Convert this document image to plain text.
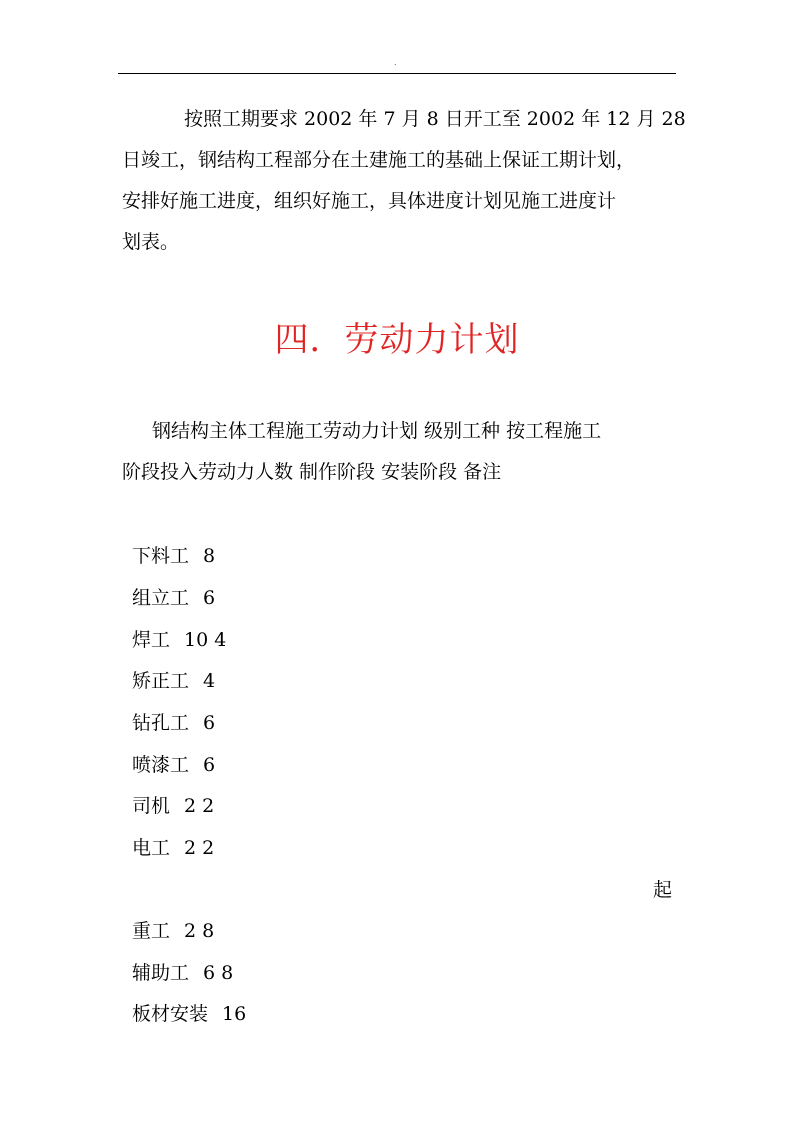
.

按照工期要求 2002 年 7 月 8 日开工至 2002 年 12 月 28

日竣工，钢结构工程部分在土建施工的基础上保证工期计划，

安排好施工进度，组织好施工，具体进度计划见施工进度计

划表。

四．劳动力计划

钢结构主体工程施工劳动力计划 级别工种 按工程施工

阶段投入劳动力人数 制作阶段 安装阶段 备注

下料工 8
组立工 6
焊工 10 4
矫正工 4
钻孔工 6
喷漆工 6
司机 2 2
电工 2 2
起
重工 2 8
辅助工 6 8
板材安装 16
